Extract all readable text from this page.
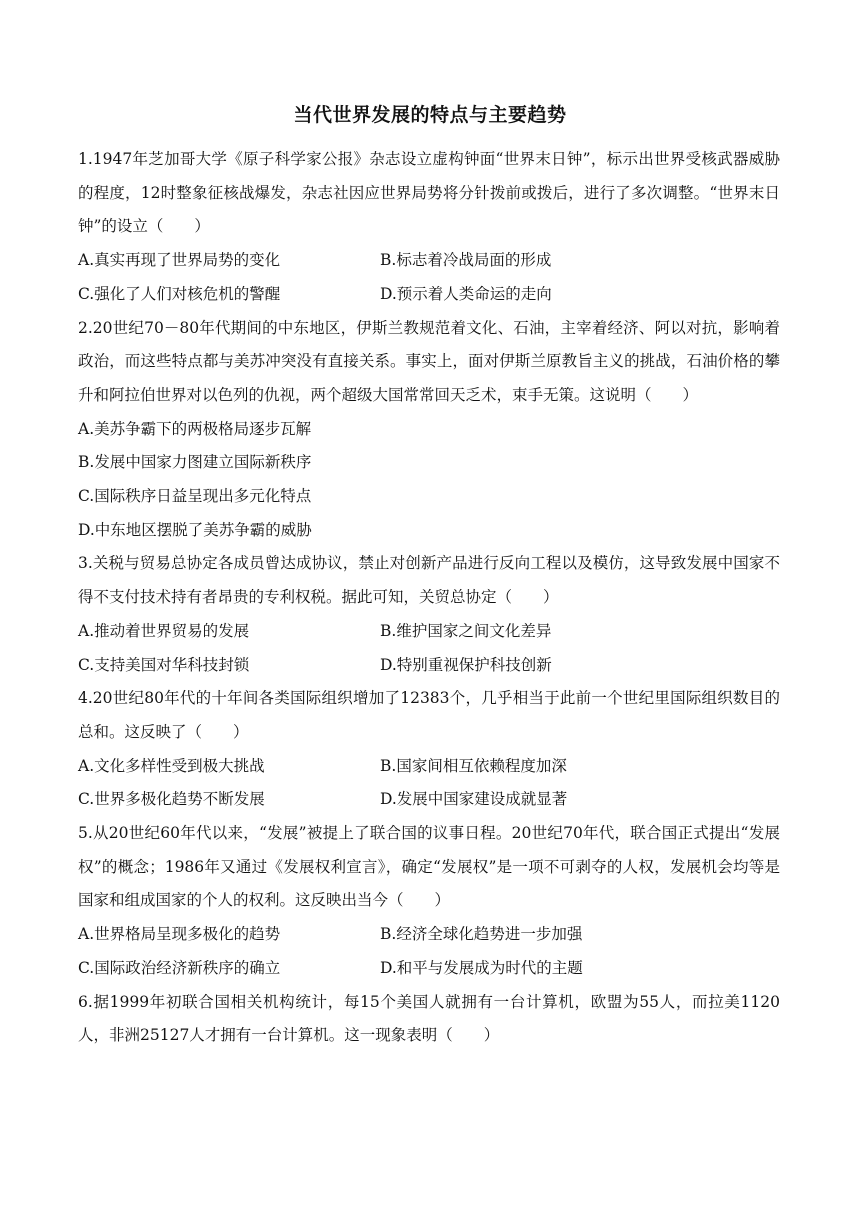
当代世界发展的特点与主要趋势

1.1947年芝加哥大学《原子科学家公报》杂志设立虚构钟面“世界末日钟”，标示出世界受核武器威胁的程度，12时整象征核战爆发，杂志社因应世界局势将分针拨前或拨后，进行了多次调整。“世界末日钟”的设立（　　）

A.真实再现了世界局势的变化	B.标志着冷战局面的形成

C.强化了人们对核危机的警醒	D.预示着人类命运的走向

2.20世纪70－80年代期间的中东地区，伊斯兰教规范着文化、石油，主宰着经济、阿以对抗，影响着政治，而这些特点都与美苏冲突没有直接关系。事实上，面对伊斯兰原教旨主义的挑战，石油价格的攀升和阿拉伯世界对以色列的仇视，两个超级大国常常回天乏术，束手无策。这说明（　　）

A.美苏争霸下的两极格局逐步瓦解

B.发展中国家力图建立国际新秩序

C.国际秩序日益呈现出多元化特点

D.中东地区摆脱了美苏争霸的威胁

3.关税与贸易总协定各成员曾达成协议，禁止对创新产品进行反向工程以及模仿，这导致发展中国家不得不支付技术持有者昂贵的专利权税。据此可知，关贸总协定（　　）

A.推动着世界贸易的发展	B.维护国家之间文化差异

C.支持美国对华科技封锁	D.特别重视保护科技创新

4.20世纪80年代的十年间各类国际组织增加了12383个，几乎相当于此前一个世纪里国际组织数目的总和。这反映了（　　）

A.文化多样性受到极大挑战	B.国家间相互依赖程度加深

C.世界多极化趋势不断发展	D.发展中国家建设成就显著

5.从20世纪60年代以来，“发展”被提上了联合国的议事日程。20世纪70年代，联合国正式提出“发展权”的概念；1986年又通过《发展权利宣言》，确定“发展权”是一项不可剥夺的人权，发展机会均等是国家和组成国家的个人的权利。这反映出当今（　　）

A.世界格局呈现多极化的趋势	B.经济全球化趋势进一步加强

C.国际政治经济新秩序的确立	D.和平与发展成为时代的主题

6.据1999年初联合国相关机构统计，每15个美国人就拥有一台计算机，欧盟为55人，而拉美1120人，非洲25127人才拥有一台计算机。这一现象表明（　　）
